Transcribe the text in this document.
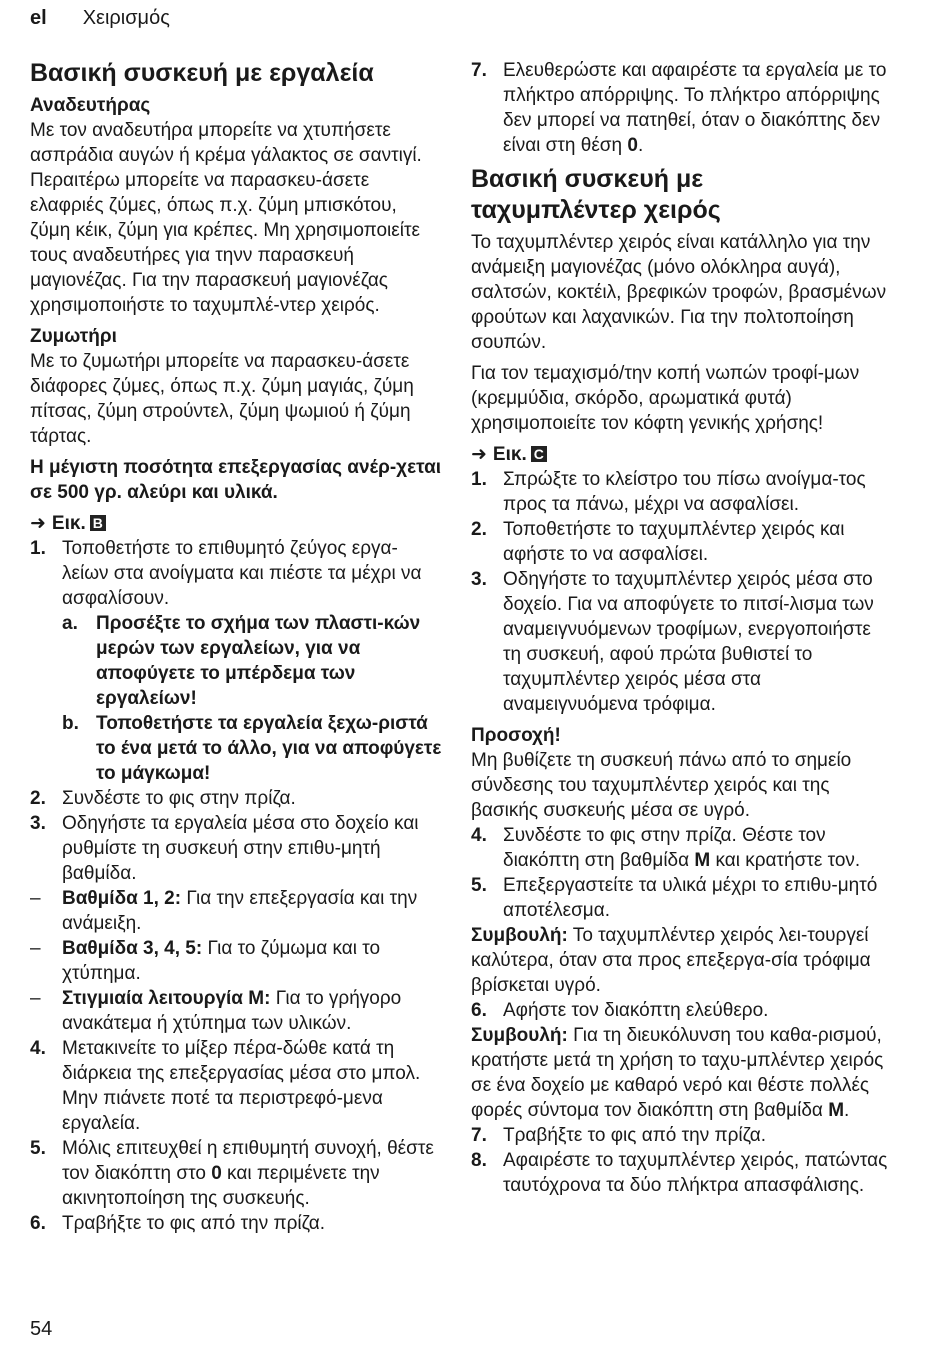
el Χειρισμός
Βασική συσκευή με εργαλεία
Αναδευτήρας

Με τον αναδευτήρα μπορείτε να χτυπήσετε ασπράδια αυγών ή κρέμα γάλακτος σε σαντιγί. Περαιτέρω μπορείτε να παρασκευ-άσετε ελαφριές ζύμες, όπως π.χ. ζύμη μπισκότου, ζύμη κέικ, ζύμη για κρέπες. Μη χρησιμοποιείτε τους αναδευτήρες για τηνν παρασκευή μαγιονέζας. Για την παρασκευή μαγιονέζας χρησιμοποιήστε το ταχυμπλέ-ντερ χειρός.

Ζυμωτήρι

Με το ζυμωτήρι μπορείτε να παρασκευ-άσετε διάφορες ζύμες, όπως π.χ. ζύμη μαγιάς, ζύμη πίτσας, ζύμη στρούντελ, ζύμη ψωμιού ή ζύμη τάρτας.

Η μέγιστη ποσότητα επεξεργασίας ανέρ-χεται σε 500 γρ. αλεύρι και υλικά.

➜ Εικ. B
1. Τοποθετήστε το επιθυμητό ζεύγος εργα-λείων στα ανοίγματα και πιέστε τα μέχρι να ασφαλίσουν.
a. Προσέξτε το σχήμα των πλαστι-κών μερών των εργαλείων, για να αποφύγετε το μπέρδεμα των εργαλείων!
b. Τοποθετήστε τα εργαλεία ξεχω-ριστά το ένα μετά το άλλο, για να αποφύγετε το μάγκωμα!
2. Συνδέστε το φις στην πρίζα.
3. Οδηγήστε τα εργαλεία μέσα στο δοχείο και ρυθμίστε τη συσκευή στην επιθυ-μητή βαθμίδα.
– Βαθμίδα 1, 2: Για την επεξεργασία και την ανάμειξη.
– Βαθμίδα 3, 4, 5: Για το ζύμωμα και το χτύπημα.
– Στιγμιαία λειτουργία M: Για το γρήγορο ανακάτεμα ή χτύπημα των υλικών.
4. Μετακινείτε το μίξερ πέρα-δώθε κατά τη διάρκεια της επεξεργασίας μέσα στο μπολ. Μην πιάνετε ποτέ τα περιστρεφό-μενα εργαλεία.
5. Μόλις επιτευχθεί η επιθυμητή συνοχή, θέστε τον διακόπτη στο 0 και περιμένετε την ακινητοποίηση της συσκευής.
6. Τραβήξτε το φις από την πρίζα.
7. Ελευθερώστε και αφαιρέστε τα εργαλεία με το πλήκτρο απόρριψης. Το πλήκτρο απόρριψης δεν μπορεί να πατηθεί, όταν ο διακόπτης δεν είναι στη θέση 0.
Βασική συσκευή με
ταχυμπλέντερ χειρός

Το ταχυμπλέντερ χειρός είναι κατάλληλο για την ανάμειξη μαγιονέζας (μόνο ολόκληρα αυγά), σαλτσών, κοκτέιλ, βρεφικών τροφών, βρασμένων φρούτων και λαχανικών. Για την πολτοποίηση σουπών.

Για τον τεμαχισμό/την κοπή νωπών τροφί-μων (κρεμμύδια, σκόρδο, αρωματικά φυτά) χρησιμοποιείτε τον κόφτη γενικής χρήσης!

➜ Εικ. C
1. Σπρώξτε το κλείστρο του πίσω ανοίγμα-τος προς τα πάνω, μέχρι να ασφαλίσει.
2. Τοποθετήστε το ταχυμπλέντερ χειρός και αφήστε το να ασφαλίσει.
3. Οδηγήστε το ταχυμπλέντερ χειρός μέσα στο δοχείο. Για να αποφύγετε το πιτσί-λισμα των αναμειγνυόμενων τροφίμων, ενεργοποιήστε τη συσκευή, αφού πρώτα βυθιστεί το ταχυμπλέντερ χειρός μέσα στα αναμειγνυόμενα τρόφιμα.
Προσοχή!

Μη βυθίζετε τη συσκευή πάνω από το σημείο σύνδεσης του ταχυμπλέντερ χειρός και της βασικής συσκευής μέσα σε υγρό.

4. Συνδέστε το φις στην πρίζα. Θέστε τον διακόπτη στη βαθμίδα M και κρατήστε τον.
5. Επεξεργαστείτε τα υλικά μέχρι το επιθυ-μητό αποτέλεσμα.
Συμβουλή: Το ταχυμπλέντερ χειρός λει-τουργεί καλύτερα, όταν στα προς επεξεργα-σία τρόφιμα βρίσκεται υγρό.
6. Αφήστε τον διακόπτη ελεύθερο.
Συμβουλή: Για τη διευκόλυνση του καθα-ρισμού, κρατήστε μετά τη χρήση το ταχυ-μπλέντερ χειρός σε ένα δοχείο με καθαρό νερό και θέστε πολλές φορές σύντομα τον διακόπτη στη βαθμίδα M.
7. Τραβήξτε το φις από την πρίζα.
8. Αφαιρέστε το ταχυμπλέντερ χειρός, πατώντας ταυτόχρονα τα δύο πλήκτρα απασφάλισης.
54
